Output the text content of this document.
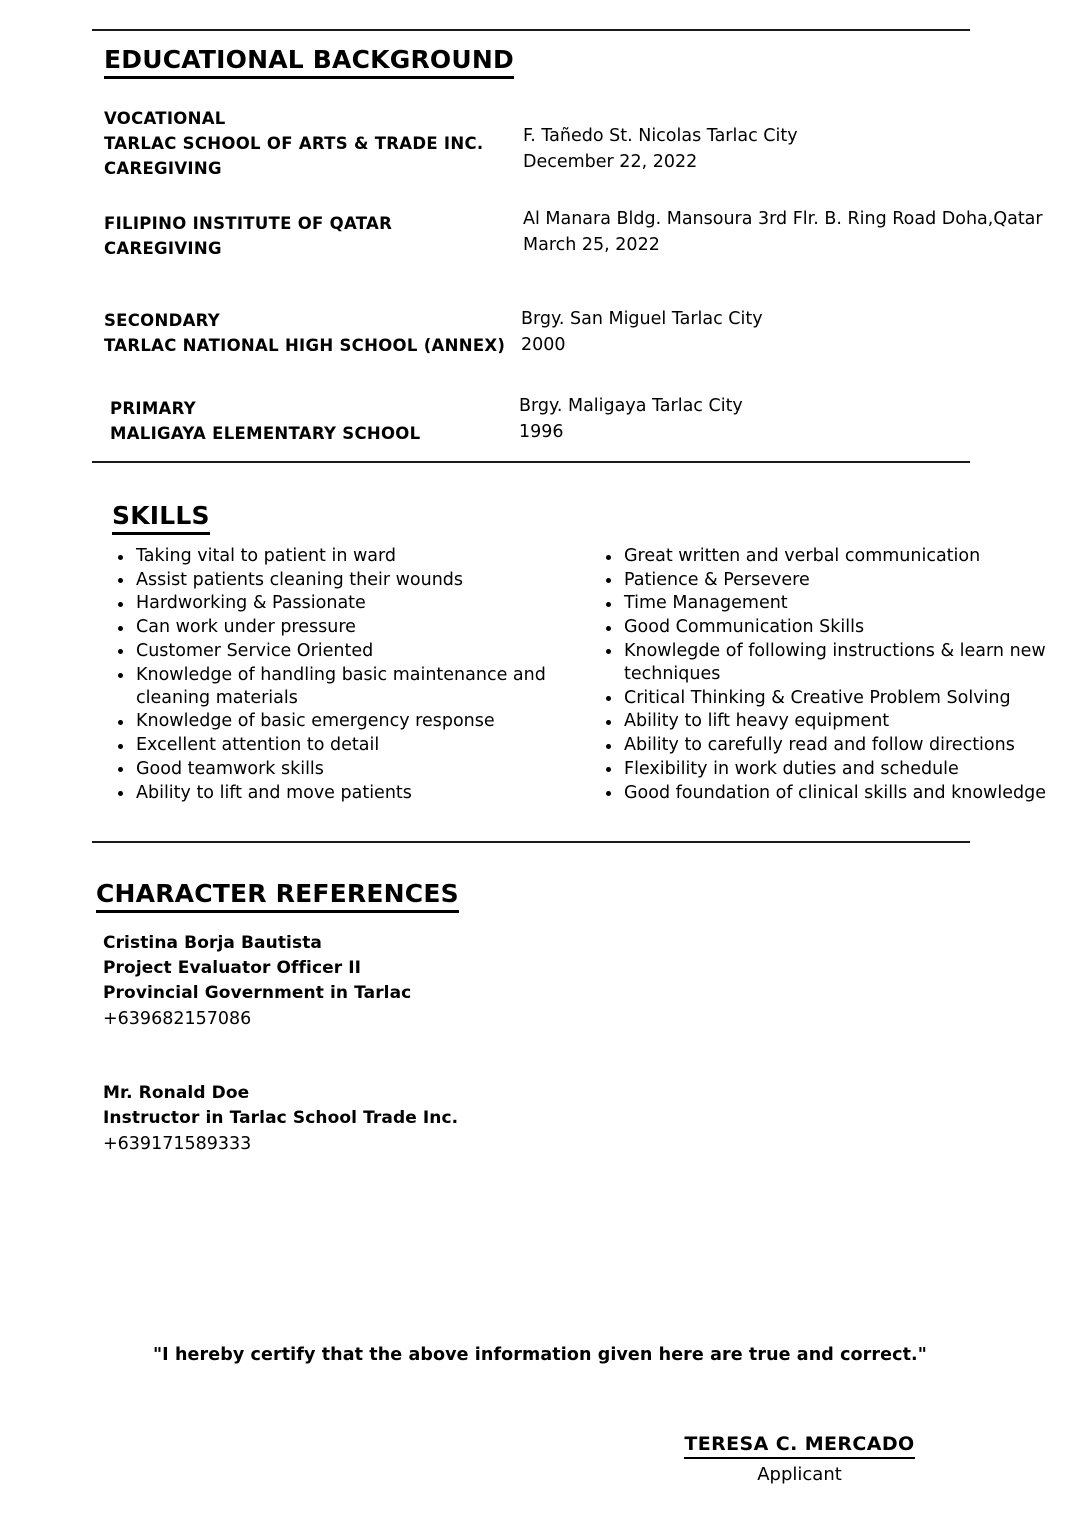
EDUCATIONAL BACKGROUND
VOCATIONAL
TARLAC SCHOOL OF ARTS & TRADE INC.
CAREGIVING
F. Tañedo St. Nicolas Tarlac City
December 22, 2022
FILIPINO INSTITUTE OF QATAR
CAREGIVING
Al Manara Bldg. Mansoura 3rd Flr. B. Ring Road Doha,Qatar
March 25, 2022
SECONDARY
TARLAC NATIONAL HIGH SCHOOL (ANNEX)
Brgy. San Miguel Tarlac City
2000
PRIMARY
MALIGAYA ELEMENTARY SCHOOL
Brgy. Maligaya Tarlac City
1996
SKILLS
Taking vital to patient in ward
Assist patients cleaning their wounds
Hardworking & Passionate
Can work under pressure
Customer Service Oriented
Knowledge of handling basic maintenance and cleaning materials
Knowledge of basic emergency response
Excellent attention to detail
Good teamwork skills
Ability to lift and move patients
Great written and verbal communication
Patience & Persevere
Time Management
Good Communication Skills
Knowlegde of following instructions & learn new techniques
Critical Thinking & Creative Problem Solving
Ability to lift heavy equipment
Ability to carefully read and follow directions
Flexibility in work duties and schedule
Good foundation of clinical skills and knowledge
CHARACTER REFERENCES
Cristina Borja Bautista
Project Evaluator Officer II
Provincial Government in Tarlac
+639682157086
Mr. Ronald Doe
Instructor in Tarlac School Trade Inc.
+639171589333
"I hereby certify that the above information given here are true and correct."
TERESA C. MERCADO
Applicant
